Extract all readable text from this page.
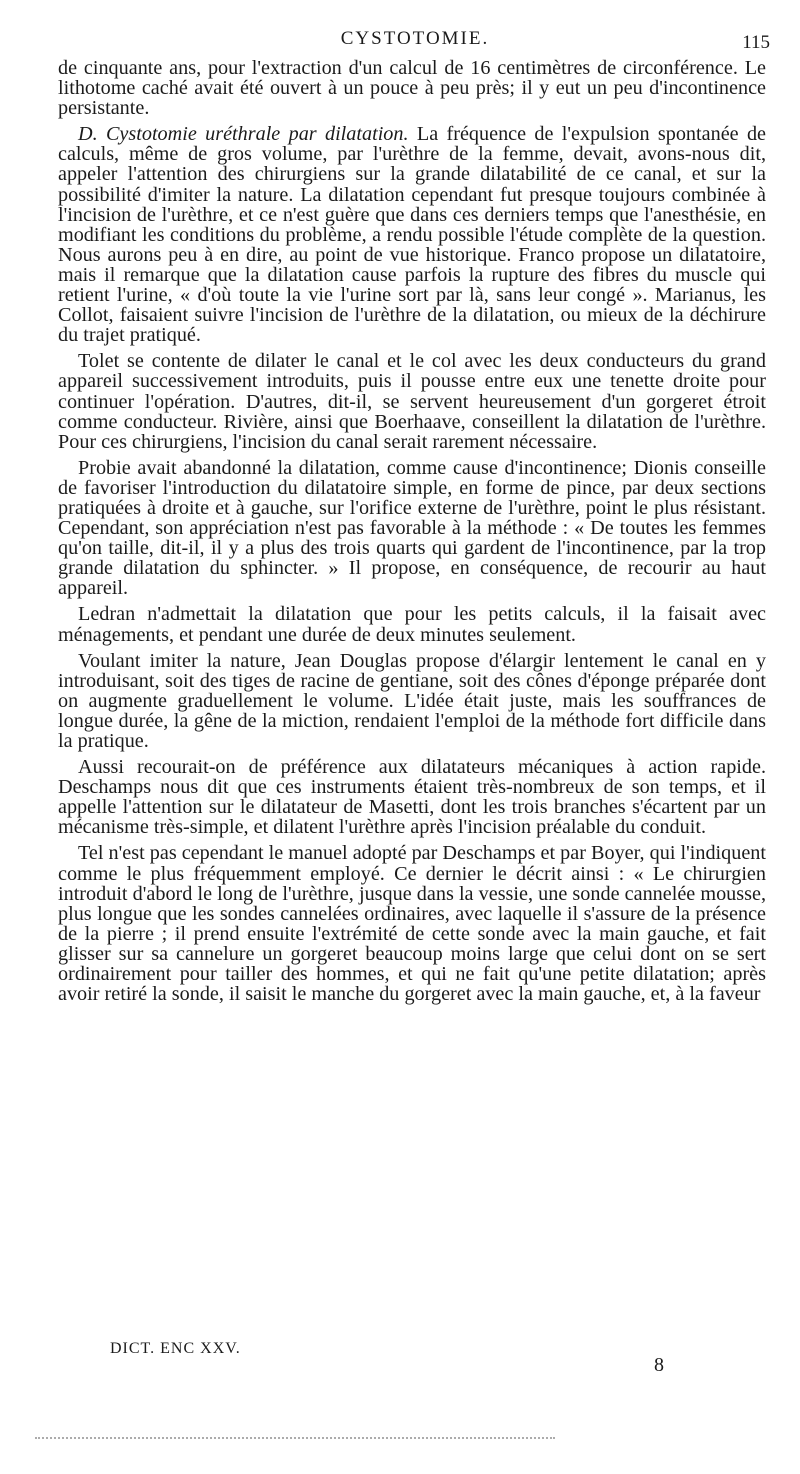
CYSTOTOMIE.	115

de cinquante ans, pour l'extraction d'un calcul de 16 centimètres de circonférence. Le lithotome caché avait été ouvert à un pouce à peu près; il y eut un peu d'incontinence persistante.

D. Cystotomie uréthrale par dilatation. La fréquence de l'expulsion spontanée de calculs, même de gros volume, par l'urèthre de la femme, devait, avons-nous dit, appeler l'attention des chirurgiens sur la grande dilatabilité de ce canal, et sur la possibilité d'imiter la nature. La dilatation cependant fut presque toujours combinée à l'incision de l'urèthre, et ce n'est guère que dans ces derniers temps que l'anesthésie, en modifiant les conditions du problème, a rendu possible l'étude complète de la question. Nous aurons peu à en dire, au point de vue historique. Franco propose un dilatatoire, mais il remarque que la dilatation cause parfois la rupture des fibres du muscle qui retient l'urine, « d'où toute la vie l'urine sort par là, sans leur congé ». Marianus, les Collot, faisaient suivre l'incision de l'urèthre de la dilatation, ou mieux de la déchirure du trajet pratiqué.

Tolet se contente de dilater le canal et le col avec les deux conducteurs du grand appareil successivement introduits, puis il pousse entre eux une tenette droite pour continuer l'opération. D'autres, dit-il, se servent heureusement d'un gorgeret étroit comme conducteur. Rivière, ainsi que Boerhaave, conseillent la dilatation de l'urèthre. Pour ces chirurgiens, l'incision du canal serait rarement nécessaire.

Probie avait abandonné la dilatation, comme cause d'incontinence; Dionis conseille de favoriser l'introduction du dilatatoire simple, en forme de pince, par deux sections pratiquées à droite et à gauche, sur l'orifice externe de l'urèthre, point le plus résistant. Cependant, son appréciation n'est pas favorable à la méthode : « De toutes les femmes qu'on taille, dit-il, il y a plus des trois quarts qui gardent de l'incontinence, par la trop grande dilatation du sphincter. » Il propose, en conséquence, de recourir au haut appareil.

Ledran n'admettait la dilatation que pour les petits calculs, il la faisait avec ménagements, et pendant une durée de deux minutes seulement.

Voulant imiter la nature, Jean Douglas propose d'élargir lentement le canal en y introduisant, soit des tiges de racine de gentiane, soit des cônes d'éponge préparée dont on augmente graduellement le volume. L'idée était juste, mais les souffrances de longue durée, la gêne de la miction, rendaient l'emploi de la méthode fort difficile dans la pratique.

Aussi recourait-on de préférence aux dilatateurs mécaniques à action rapide. Deschamps nous dit que ces instruments étaient très-nombreux de son temps, et il appelle l'attention sur le dilatateur de Masetti, dont les trois branches s'écartent par un mécanisme très-simple, et dilatent l'urèthre après l'incision préalable du conduit.

Tel n'est pas cependant le manuel adopté par Deschamps et par Boyer, qui l'indiquent comme le plus fréquemment employé. Ce dernier le décrit ainsi : « Le chirurgien introduit d'abord le long de l'urèthre, jusque dans la vessie, une sonde cannelée mousse, plus longue que les sondes cannelées ordinaires, avec laquelle il s'assure de la présence de la pierre ; il prend ensuite l'extrémité de cette sonde avec la main gauche, et fait glisser sur sa cannelure un gorgeret beaucoup moins large que celui dont on se sert ordinairement pour tailler des hommes, et qui ne fait qu'une petite dilatation; après avoir retiré la sonde, il saisit le manche du gorgeret avec la main gauche, et, à la faveur

DICT. ENC XXV.
8
